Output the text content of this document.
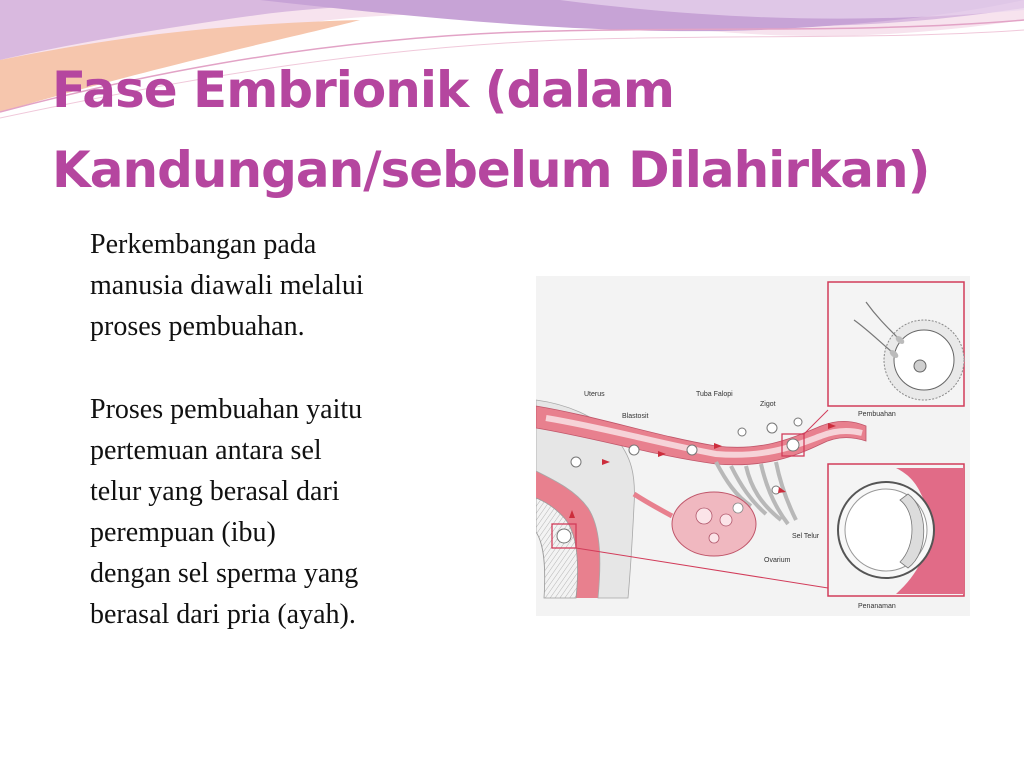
Fase Embrionik (dalam
Kandungan/sebelum Dilahirkan)

Perkembangan pada
manusia diawali melalui
proses pembuahan.

Proses pembuahan yaitu
pertemuan antara sel
telur yang berasal dari
perempuan (ibu)
dengan sel sperma yang
berasal dari pria (ayah).

Uterus
Blastosit
Tuba Falopi
Zigot
Pembuahan
Sel Telur
Ovarium
Penanaman
